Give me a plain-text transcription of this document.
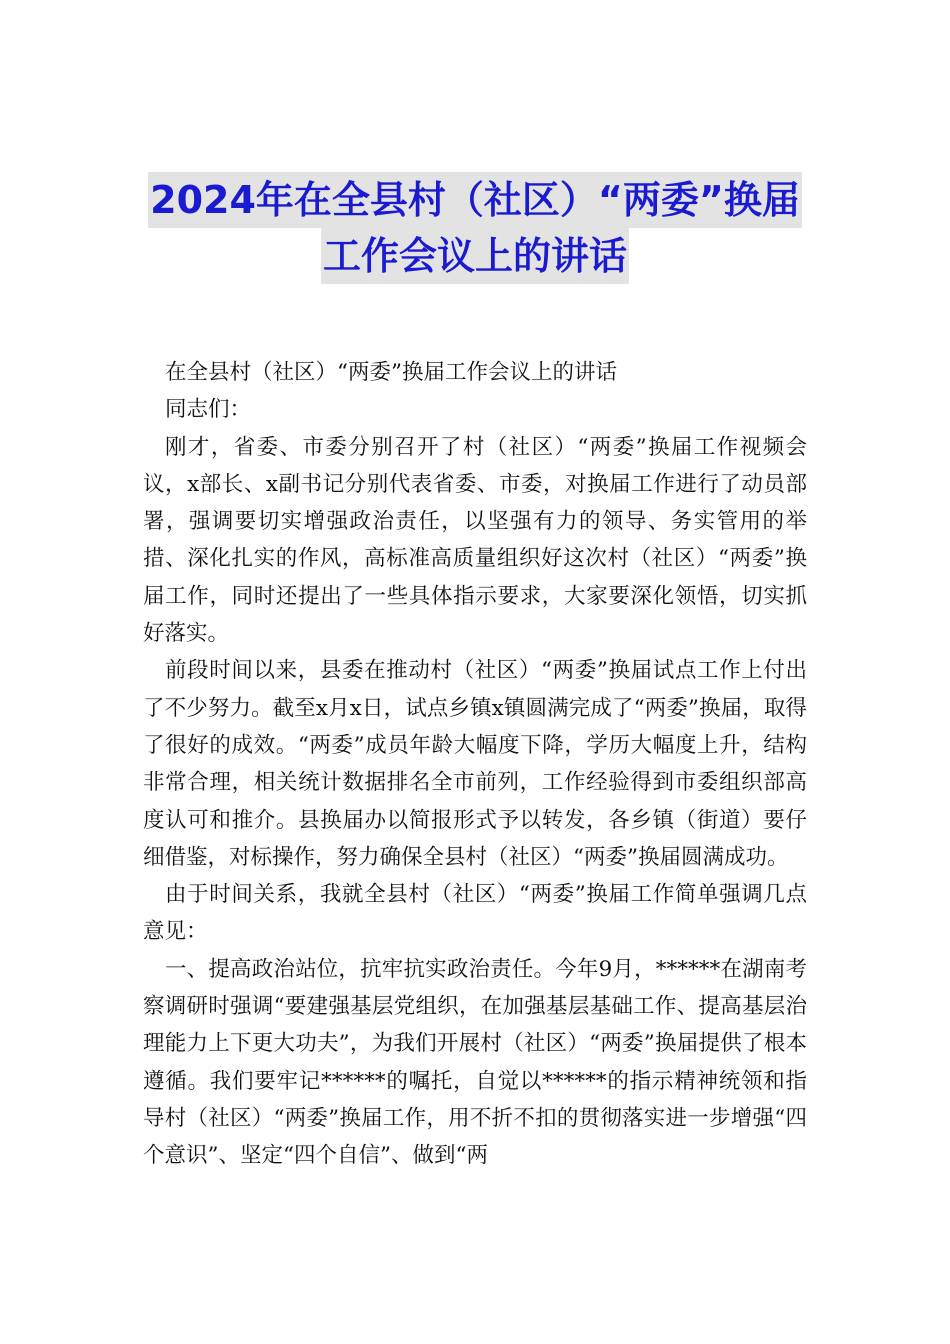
2024年在全县村（社区）“两委”换届
工作会议上的讲话

在全县村（社区）“两委”换届工作会议上的讲话

同志们：

刚才，省委、市委分别召开了村（社区）“两委”换届工作视频会议，x部长、x副书记分别代表省委、市委，对换届工作进行了动员部署，强调要切实增强政治责任，以坚强有力的领导、务实管用的举措、深化扎实的作风，高标准高质量组织好这次村（社区）“两委”换届工作，同时还提出了一些具体指示要求，大家要深化领悟，切实抓好落实。

前段时间以来，县委在推动村（社区）“两委”换届试点工作上付出了不少努力。截至x月x日，试点乡镇x镇圆满完成了“两委”换届，取得了很好的成效。“两委”成员年龄大幅度下降，学历大幅度上升，结构非常合理，相关统计数据排名全市前列，工作经验得到市委组织部高度认可和推介。县换届办以简报形式予以转发，各乡镇（街道）要仔细借鉴，对标操作，努力确保全县村（社区）“两委”换届圆满成功。

由于时间关系，我就全县村（社区）“两委”换届工作简单强调几点意见：

一、提高政治站位，抗牢抗实政治责任。今年9月，******在湖南考察调研时强调“要建强基层党组织，在加强基层基础工作、提高基层治理能力上下更大功夫”，为我们开展村（社区）“两委”换届提供了根本遵循。我们要牢记******的嘱托，自觉以******的指示精神统领和指导村（社区）“两委”换届工作，用不折不扣的贯彻落实进一步增强“四个意识”、坚定“四个自信”、做到“两
